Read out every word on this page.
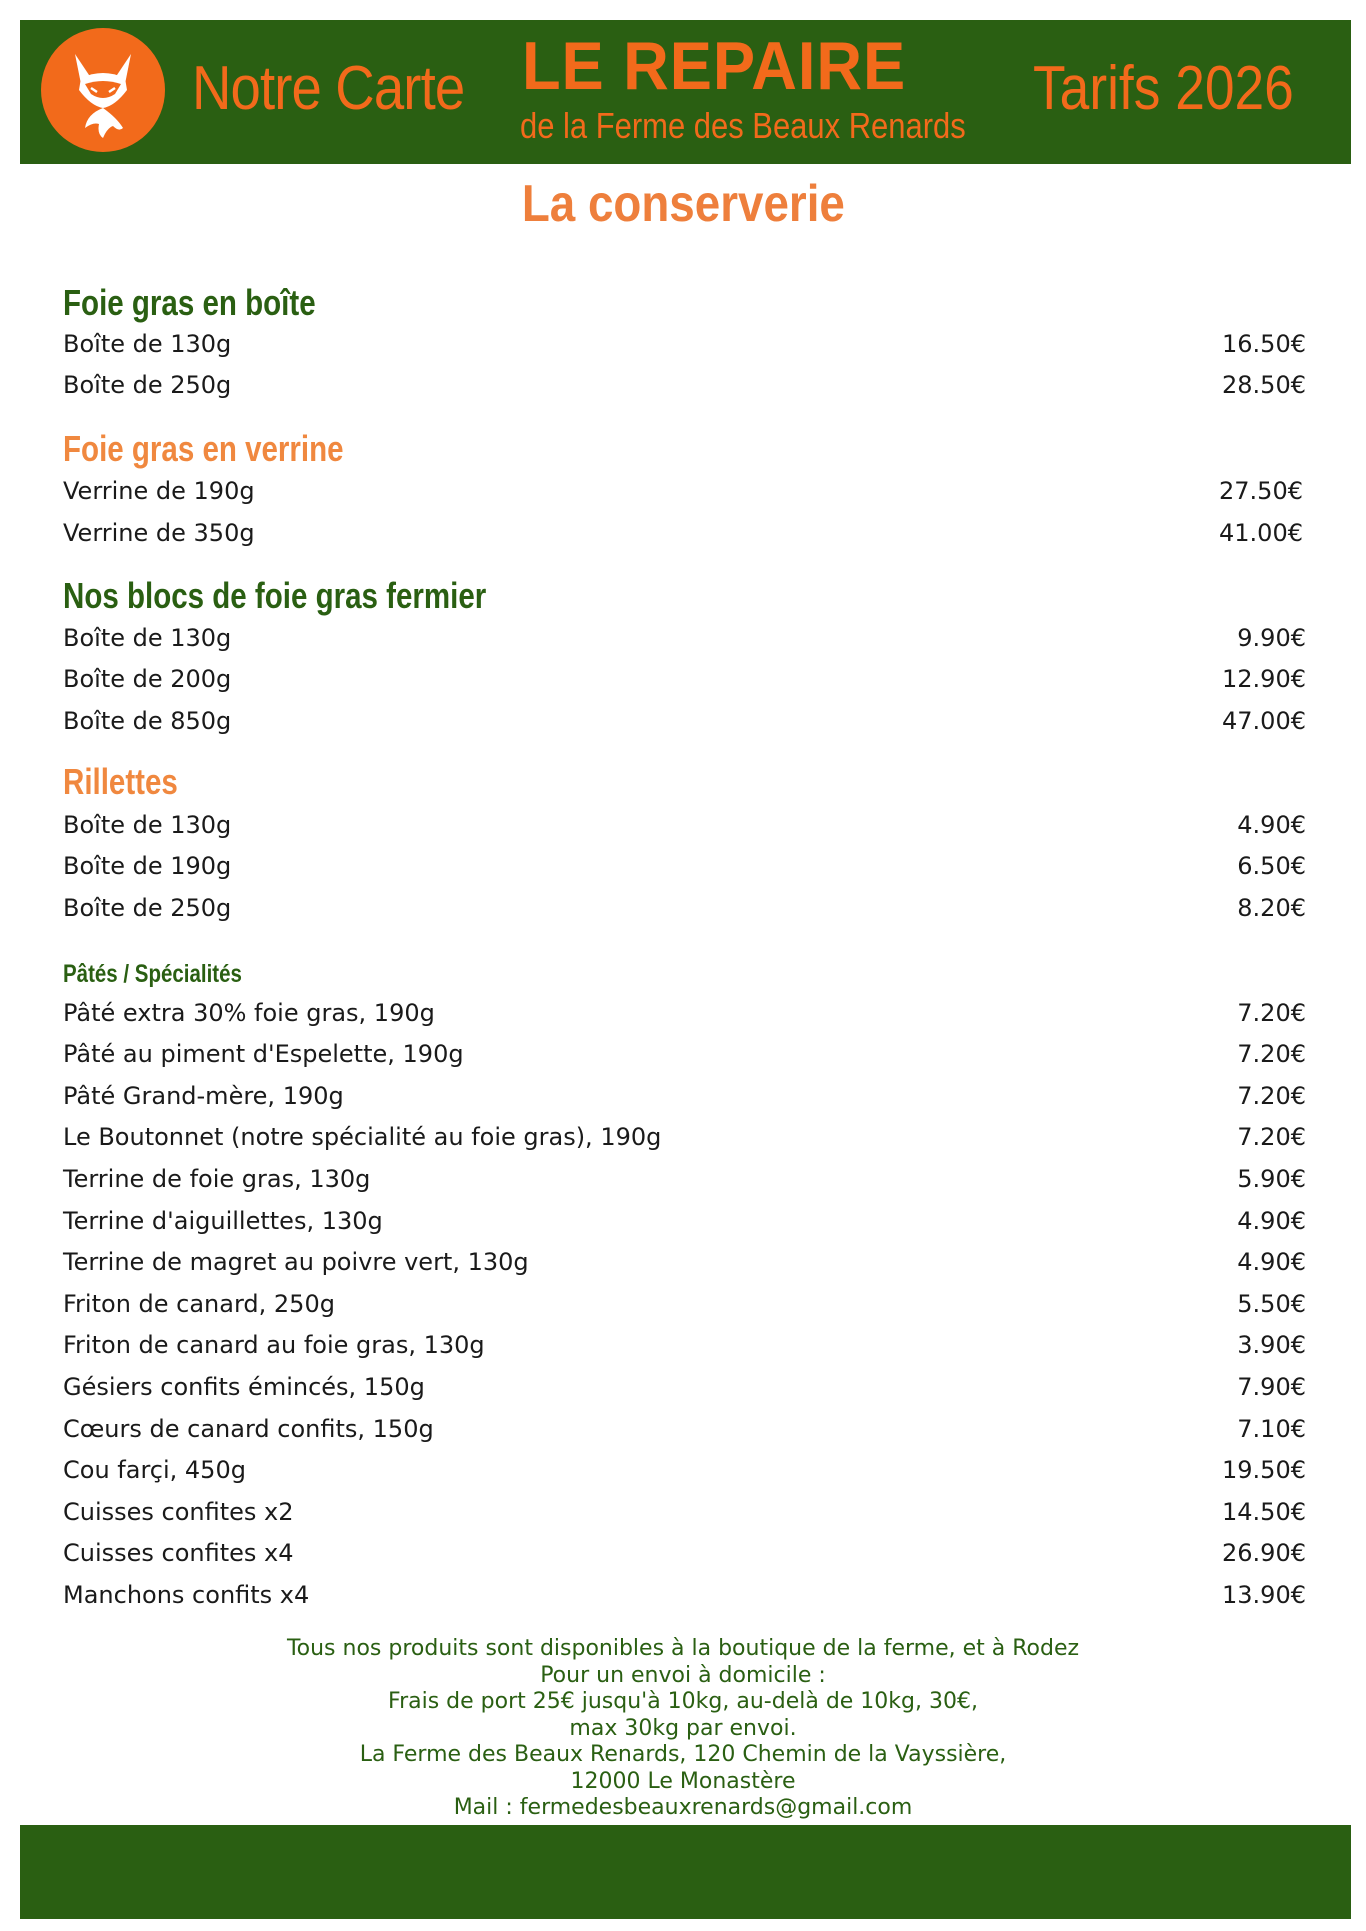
Notre Carte LE REPAIRE
de la Ferme des Beaux Renards
Tarifs 2026
La conserverie
Foie gras en boîte
Boîte de 130g	16.50€
Boîte de 250g	28.50€
Foie gras en verrine
Verrine de 190g	27.50€
Verrine de 350g	41.00€
Nos blocs de foie gras fermier
Boîte de 130g	9.90€
Boîte de 200g	12.90€
Boîte de 850g	47.00€
Rillettes
Boîte de 130g	4.90€
Boîte de 190g	6.50€
Boîte de 250g	8.20€
Pâtés / Spécialités
Pâté extra 30% foie gras, 190g	7.20€
Pâté au piment d'Espelette, 190g	7.20€
Pâté Grand-mère, 190g	7.20€
Le Boutonnet (notre spécialité au foie gras), 190g	7.20€
Terrine de foie gras, 130g	5.90€
Terrine d'aiguillettes, 130g	4.90€
Terrine de magret au poivre vert, 130g	4.90€
Friton de canard, 250g	5.50€
Friton de canard au foie gras, 130g	3.90€
Gésiers confits émincés, 150g	7.90€
Cœurs de canard confits, 150g	7.10€
Cou farçi, 450g	19.50€
Cuisses confites x2	14.50€
Cuisses confites x4	26.90€
Manchons confits x4	13.90€
Tous nos produits sont disponibles à la boutique de la ferme, et à Rodez
Pour un envoi à domicile :
Frais de port 25€ jusqu'à 10kg, au-delà de 10kg, 30€,
max 30kg par envoi.
La Ferme des Beaux Renards, 120 Chemin de la Vayssière,
12000 Le Monastère
Mail : fermedesbeauxrenards@gmail.com
